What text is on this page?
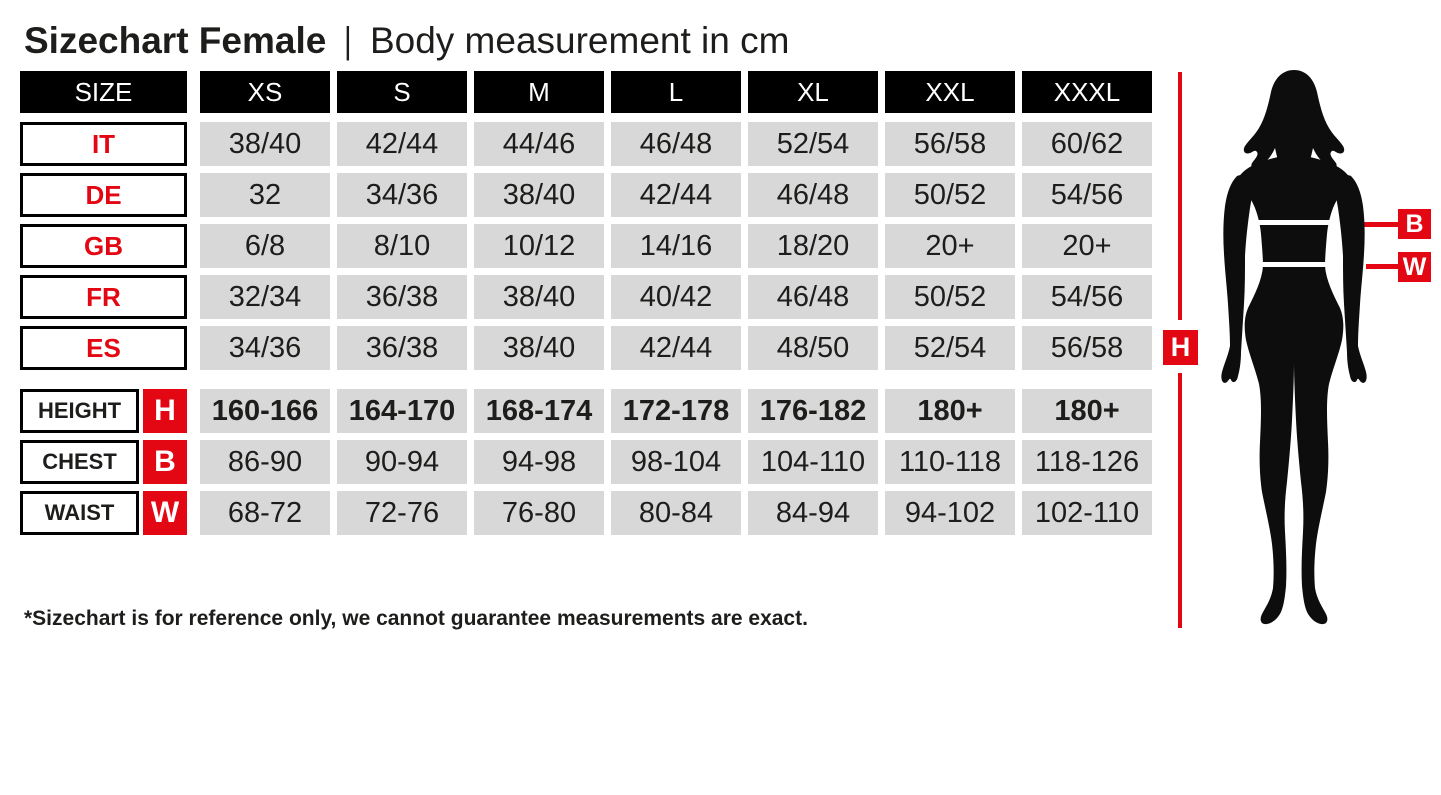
Sizechart Female | Body measurement in cm
SIZE	XS	S	M	L	XL	XXL	XXXL
IT	38/40	42/44	44/46	46/48	52/54	56/58	60/62
DE	32	34/36	38/40	42/44	46/48	50/52	54/56
GB	6/8	8/10	10/12	14/16	18/20	20+	20+
FR	32/34	36/38	38/40	40/42	46/48	50/52	54/56
ES	34/36	36/38	38/40	42/44	48/50	52/54	56/58
HEIGHT	H	160-166	164-170	168-174	172-178	176-182	180+	180+
CHEST	B	86-90	90-94	94-98	98-104	104-110	110-118	118-126
WAIST	W	68-72	72-76	76-80	80-84	84-94	94-102	102-110
*Sizechart is for reference only, we cannot guarantee measurements are exact.
H
B
W
